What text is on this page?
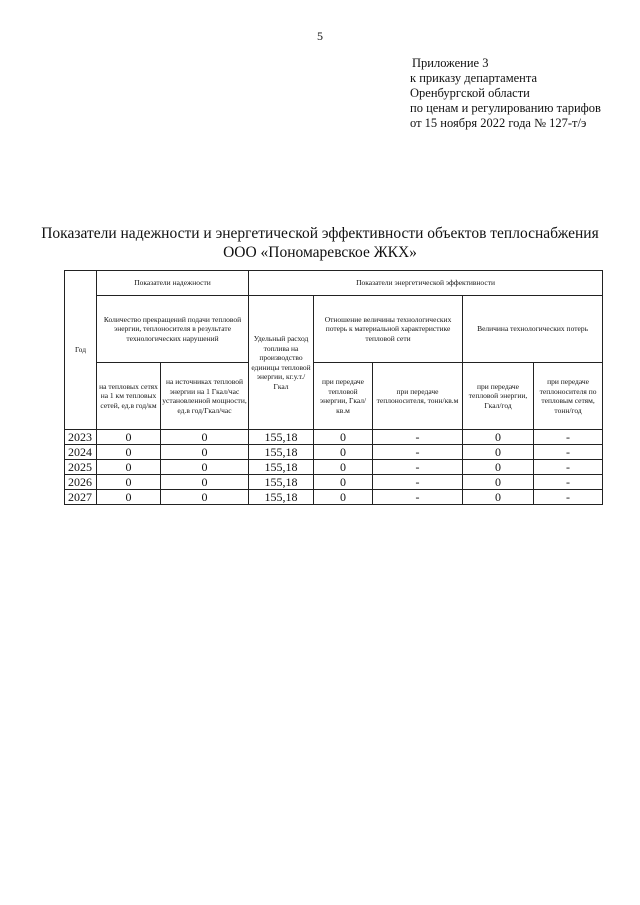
5
Приложение 3
к приказу департамента
Оренбургской области
по ценам и регулированию тарифов
от 15 ноября 2022 года № 127-т/э
Показатели надежности и энергетической эффективности объектов теплоснабжения
ООО «Пономаревское ЖКХ»
Год	Показатели надежности		Показатели энергетической эффективности				
	Количество прекращений подачи тепловой энергии, теплоносителя в результате технологических нарушений		Удельный расход топлива на производство единицы тепловой энергии, кг.у.т./Гкал	Отношение величины технологических потерь к материальной характеристике тепловой сети		Величина технологических потерь	
	на тепловых сетях на 1 км тепловых сетей, ед.в год/км	на источниках тепловой энергии на 1 Гкал/час установленной мощности, ед.в год/Гкал/час		при передаче тепловой энергии, Гкал/кв.м	при передаче теплоносителя, тонн/кв.м	при передаче тепловой энергии, Гкал/год	при передаче теплоносителя по тепловым сетям, тонн/год
2023	0	0	155,18	0	-	0	-
2024	0	0	155,18	0	-	0	-
2025	0	0	155,18	0	-	0	-
2026	0	0	155,18	0	-	0	-
2027	0	0	155,18	0	-	0	-
